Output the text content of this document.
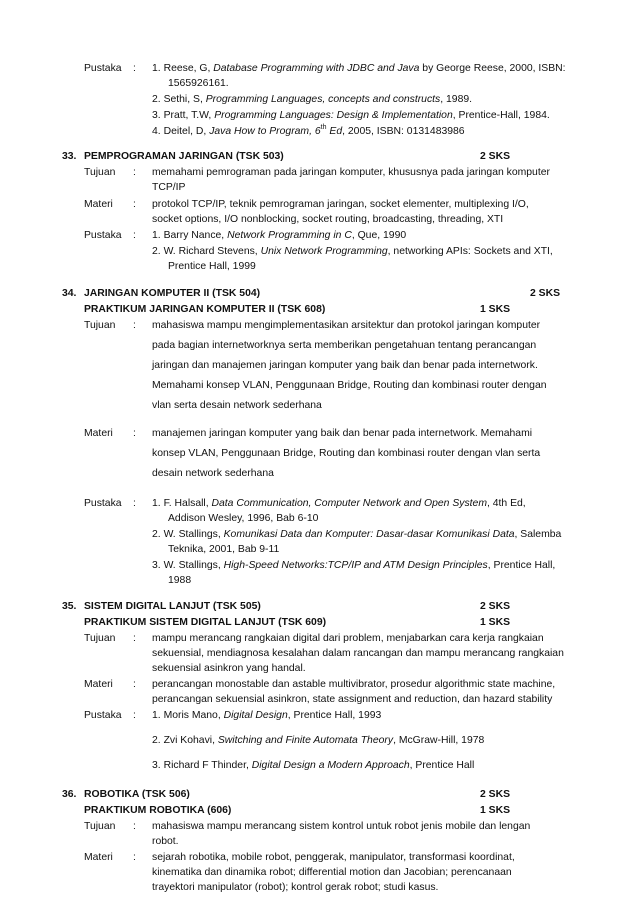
Pustaka : 1. Reese, G, Database Programming with JDBC and Java by George Reese, 2000, ISBN:
1565926161.
2. Sethi, S, Programming Languages, concepts and constructs, 1989.
3. Pratt, T.W, Programming Languages: Design & Implementation, Prentice-Hall, 1984.
4. Deitel, D, Java How to Program, 6th Ed, 2005, ISBN: 0131483986
33. PEMPROGRAMAN JARINGAN (TSK 503)	2 SKS
Tujuan : memahami pemrograman pada jaringan komputer, khususnya pada jaringan komputer
TCP/IP
Materi : protokol TCP/IP, teknik pemrograman jaringan, socket elementer, multiplexing I/O,
socket options, I/O nonblocking, socket routing, broadcasting, threading, XTI
Pustaka : 1. Barry Nance, Network Programming in C, Que, 1990
2. W. Richard Stevens, Unix Network Programming, networking APIs: Sockets and XTI,
Prentice Hall, 1999
34. JARINGAN KOMPUTER II (TSK 504)	2 SKS
PRAKTIKUM JARINGAN KOMPUTER II (TSK 608)	1 SKS
Tujuan : mahasiswa mampu mengimplementasikan arsitektur dan protokol jaringan komputer
pada bagian internetworknya serta memberikan pengetahuan tentang perancangan
jaringan dan manajemen jaringan komputer yang baik dan benar pada internetwork.
Memahami konsep VLAN, Penggunaan Bridge, Routing dan kombinasi router dengan
vlan serta desain network sederhana
Materi : manajemen jaringan komputer yang baik dan benar pada internetwork. Memahami
konsep VLAN, Penggunaan Bridge, Routing dan kombinasi router dengan vlan serta
desain network sederhana
Pustaka : 1. F. Halsall, Data Communication, Computer Network and Open System, 4th Ed,
Addison Wesley, 1996, Bab 6-10
2. W. Stallings, Komunikasi Data dan Komputer: Dasar-dasar Komunikasi Data, Salemba
Teknika, 2001, Bab 9-11
3. W. Stallings, High-Speed Networks:TCP/IP and ATM Design Principles, Prentice Hall,
1988
35. SISTEM DIGITAL LANJUT (TSK 505)	2 SKS
PRAKTIKUM SISTEM DIGITAL LANJUT (TSK 609)	1 SKS
Tujuan : mampu merancang rangkaian digital dari problem, menjabarkan cara kerja rangkaian
sekuensial, mendiagnosa kesalahan dalam rancangan dan mampu merancang rangkaian
sekuensial asinkron yang handal.
Materi : perancangan monostable dan astable multivibrator, prosedur algorithmic state machine,
perancangan sekuensial asinkron, state assignment and reduction, dan hazard stability
Pustaka : 1. Moris Mano, Digital Design, Prentice Hall, 1993
2. Zvi Kohavi, Switching and Finite Automata Theory, McGraw-Hill, 1978
3. Richard F Thinder, Digital Design a Modern Approach, Prentice Hall
36. ROBOTIKA (TSK 506)	2 SKS
PRAKTIKUM ROBOTIKA (606)	1 SKS
Tujuan : mahasiswa mampu merancang sistem kontrol untuk robot jenis mobile dan lengan
robot.
Materi : sejarah robotika, mobile robot, penggerak, manipulator, transformasi koordinat,
kinematika dan dinamika robot; differential motion dan Jacobian; perencanaan
trayektori manipulator (robot); kontrol gerak robot; studi kasus.
